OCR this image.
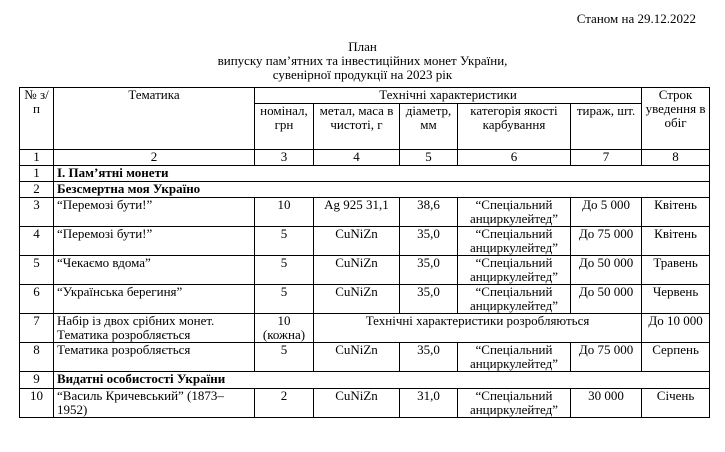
Станом на 29.12.2022
План
випуску пам’ятних та інвестиційних монет України,
сувенірної продукції на 2023 рік
№ з/п	Тематика	Технічні характеристики					Строк уведення в обіг	
		номінал, грн	метал, маса в чистоті, г	діаметр, мм	категорія якості карбування	тираж, шт.		
1	2	3	4	5	6	7	8	
1	І. Пам’ятні монети							
2	Безсмертна моя Україно							
3	“Перемозі бути!”	10	Ag 925 31,1	38,6	“Спеціальний анциркулейтед”	До 5 000	Квітень	
4	“Перемозі бути!”	5	CuNiZn	35,0	“Спеціальний анциркулейтед”	До 75 000	Квітень	
5	“Чекаємо вдома”	5	CuNiZn	35,0	“Спеціальний анциркулейтед”	До 50 000	Травень	
6	“Українська берегиня”	5	CuNiZn	35,0	“Спеціальний анциркулейтед”	До 50 000	Червень	
7	Набір із двох срібних монет. Тематика розробляється	10 (кожна)	Технічні характеристики розробляються				До 10 000	
8	Тематика розробляється	5	CuNiZn	35,0	“Спеціальний анциркулейтед”	До 75 000	Серпень	
9	Видатні особистості України							
10	“Василь Кричевський” (1873–1952)	2	CuNiZn	31,0	“Спеціальний анциркулейтед”	30 000	Січень	
